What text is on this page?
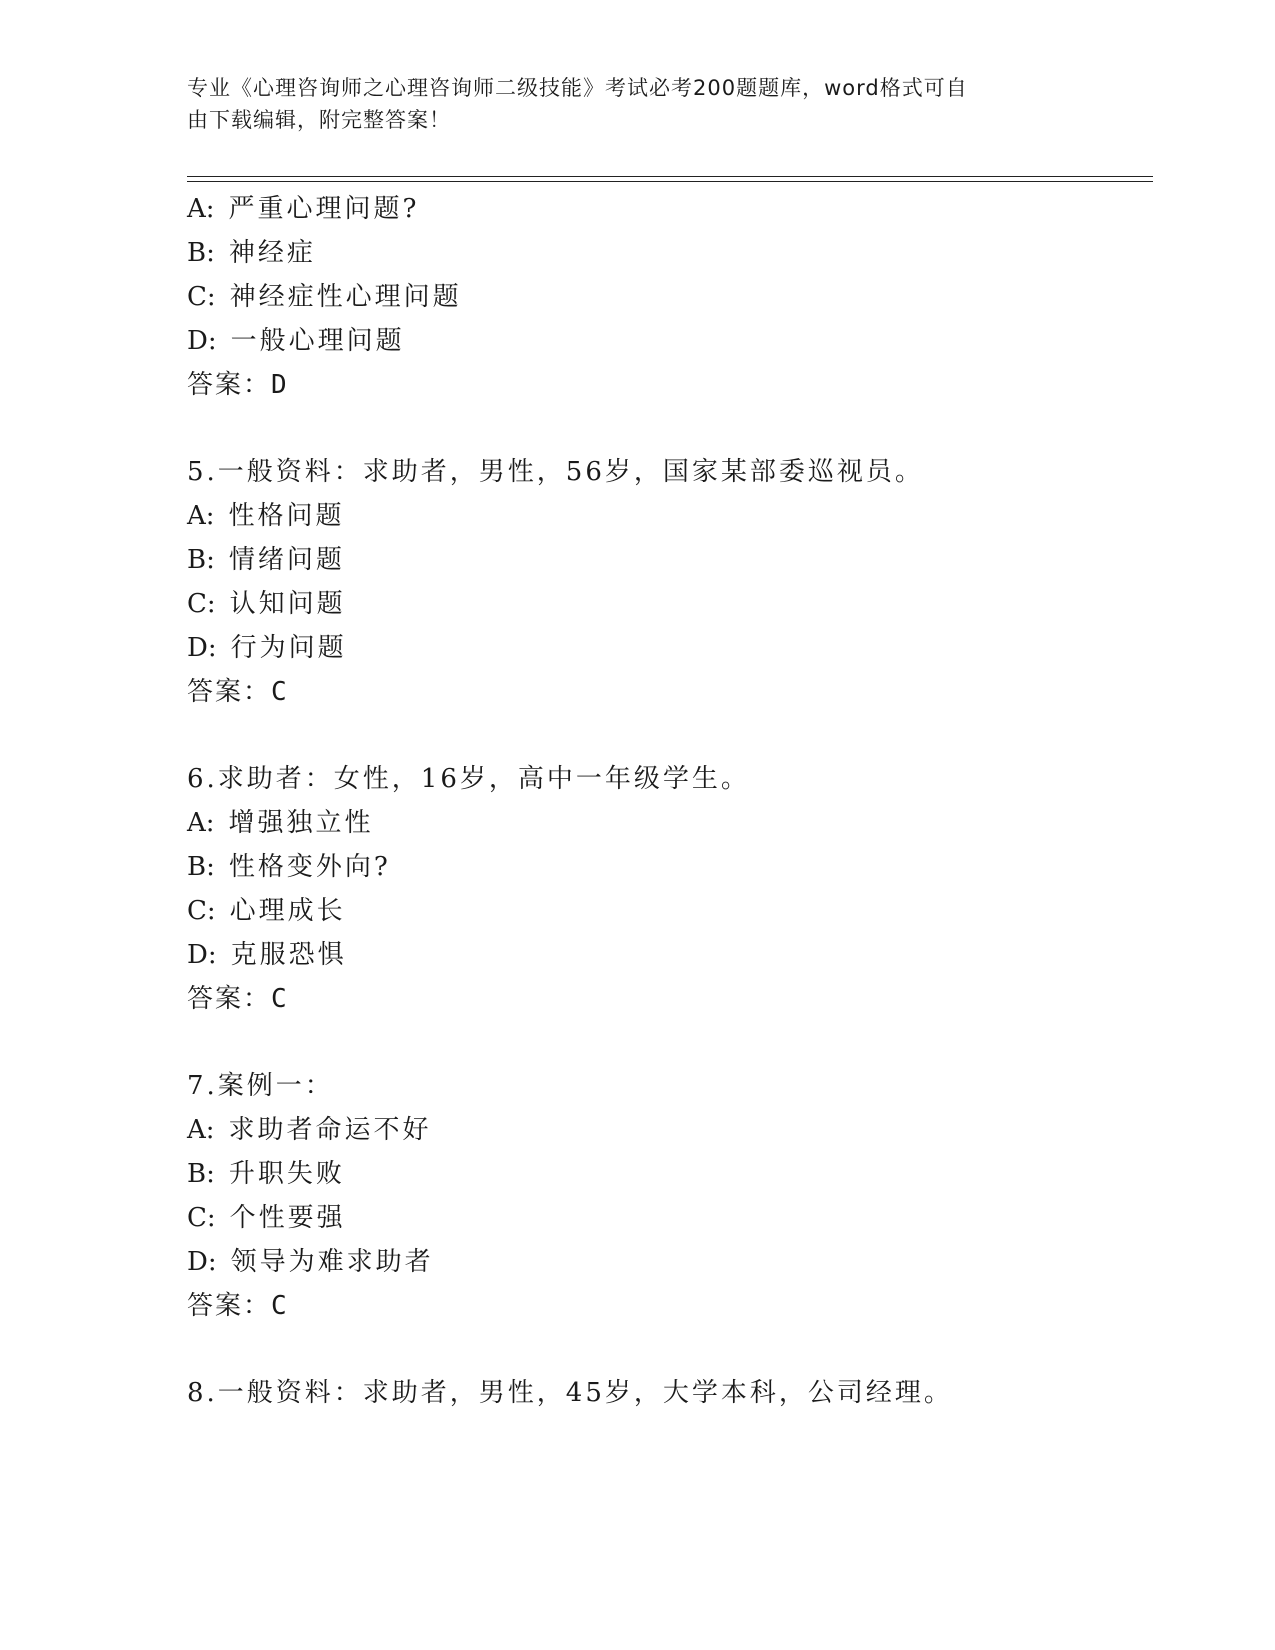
专业《心理咨询师之心理咨询师二级技能》考试必考200题题库，word格式可自
由下载编辑，附完整答案！
A: 严重心理问题?
B: 神经症
C: 神经症性心理问题
D: 一般心理问题
答案：D
5.一般资料：求助者，男性，56岁，国家某部委巡视员。
A: 性格问题
B: 情绪问题
C: 认知问题
D: 行为问题
答案：C
6.求助者：女性，16岁，高中一年级学生。
A: 增强独立性
B: 性格变外向?
C: 心理成长
D: 克服恐惧
答案：C
7.案例一：
A: 求助者命运不好
B: 升职失败
C: 个性要强
D: 领导为难求助者
答案：C
8.一般资料：求助者，男性，45岁，大学本科，公司经理。
